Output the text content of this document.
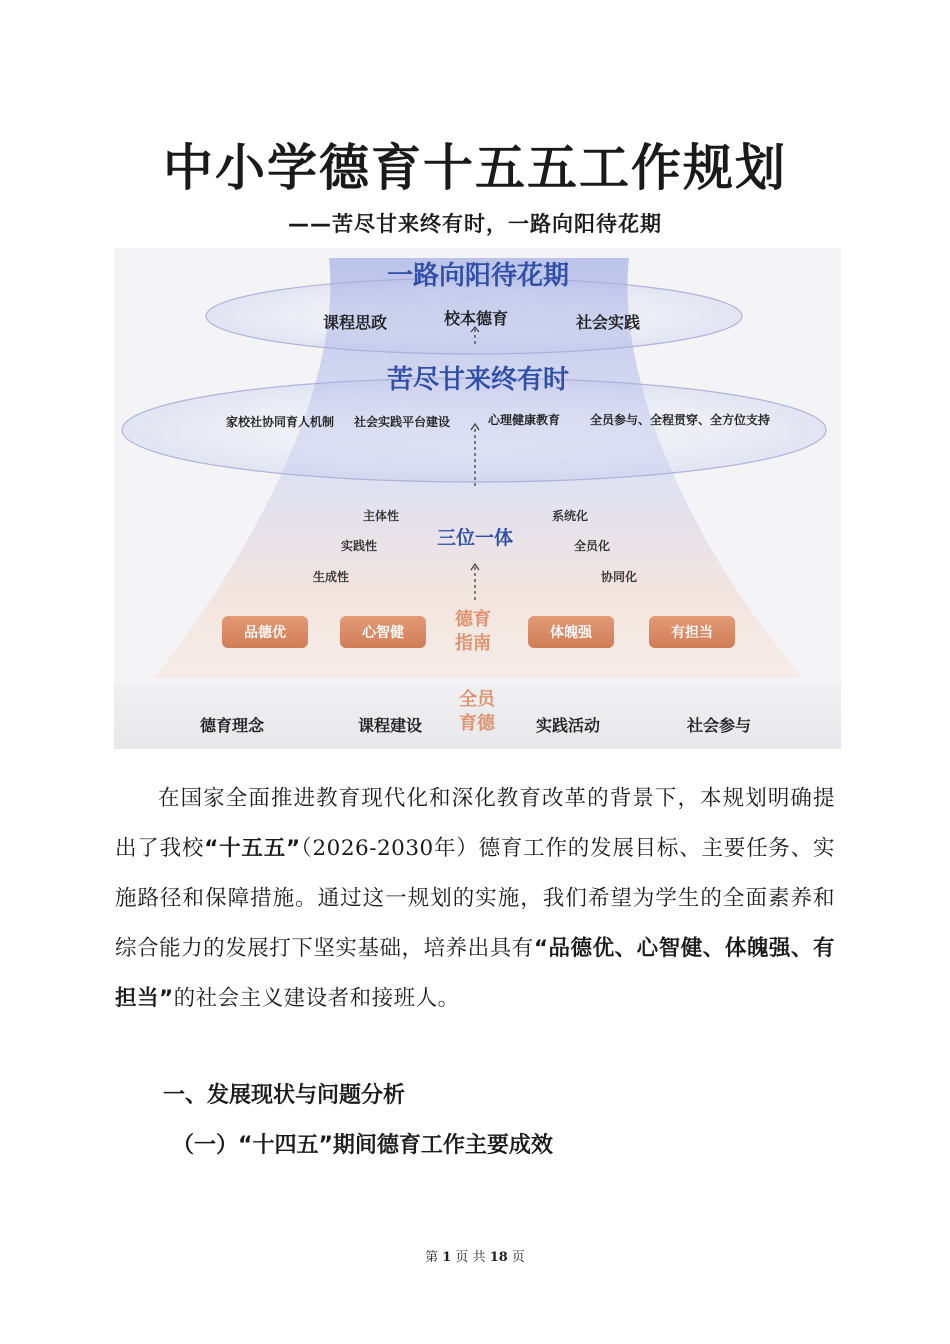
中小学德育十五五工作规划
——苦尽甘来终有时，一路向阳待花期
一路向阳待花期
课程思政	校本德育	社会实践
苦尽甘来终有时
家校社协同育人机制 社会实践平台建设	心理健康教育 全员参与、全程贯穿、全方位支持
三位一体
主体性
实践性
生成性
系统化
全员化
协同化
品德优	心智健	体魄强	有担当
德育
指南
全员
育德
德育理念	课程建设	实践活动	社会参与

在国家全面推进教育现代化和深化教育改革的背景下，本规划明确提出了我校“十五五”（2026-2030年）德育工作的发展目标、主要任务、实施路径和保障措施。通过这一规划的实施，我们希望为学生的全面素养和综合能力的发展打下坚实基础，培养出具有“品德优、心智健、体魄强、有担当”的社会主义建设者和接班人。

一、发展现状与问题分析
（一）“十四五”期间德育工作主要成效
第 1 页 共 18 页
